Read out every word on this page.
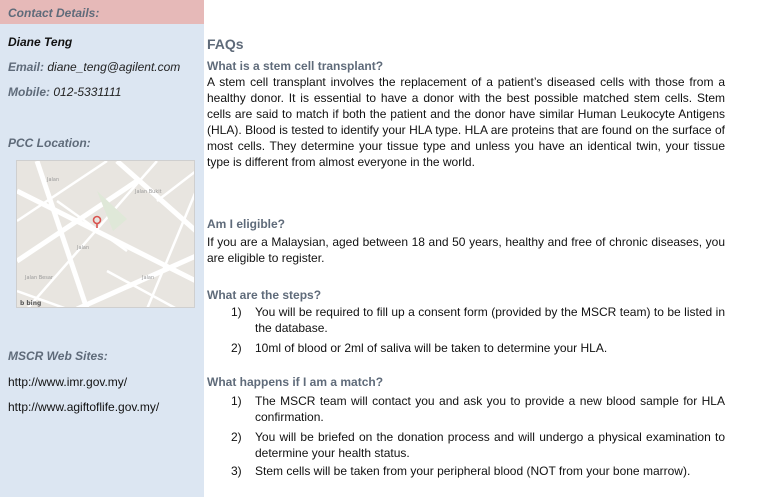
Contact Details:
Diane Teng
Email: diane_teng@agilent.com
Mobile: 012-5331111
PCC Location:
Jalan
Jalan Bukit
Jalan
Jalan
Jalan Besar
b bing
MSCR Web Sites:
http://www.imr.gov.my/
http://www.agiftoflife.gov.my/
FAQs
What is a stem cell transplant?
A stem cell transplant involves the replacement of a patient’s diseased cells with those from a healthy donor. It is essential to have a donor with the best possible matched stem cells. Stem cells are said to match if both the patient and the donor have similar Human Leukocyte Antigens (HLA). Blood is tested to identify your HLA type. HLA are proteins that are found on the surface of most cells. They determine your tissue type and unless you have an identical twin, your tissue type is different from almost everyone in the world.
Am I eligible?
If you are a Malaysian, aged between 18 and 50 years, healthy and free of chronic diseases, you are eligible to register.
What are the steps?
1) You will be required to fill up a consent form (provided by the MSCR team) to be listed in the database.
2) 10ml of blood or 2ml of saliva will be taken to determine your HLA.
What happens if I am a match?
1) The MSCR team will contact you and ask you to provide a new blood sample for HLA confirmation.
2) You will be briefed on the donation process and will undergo a physical examination to determine your health status.
3) Stem cells will be taken from your peripheral blood (NOT from your bone marrow).
